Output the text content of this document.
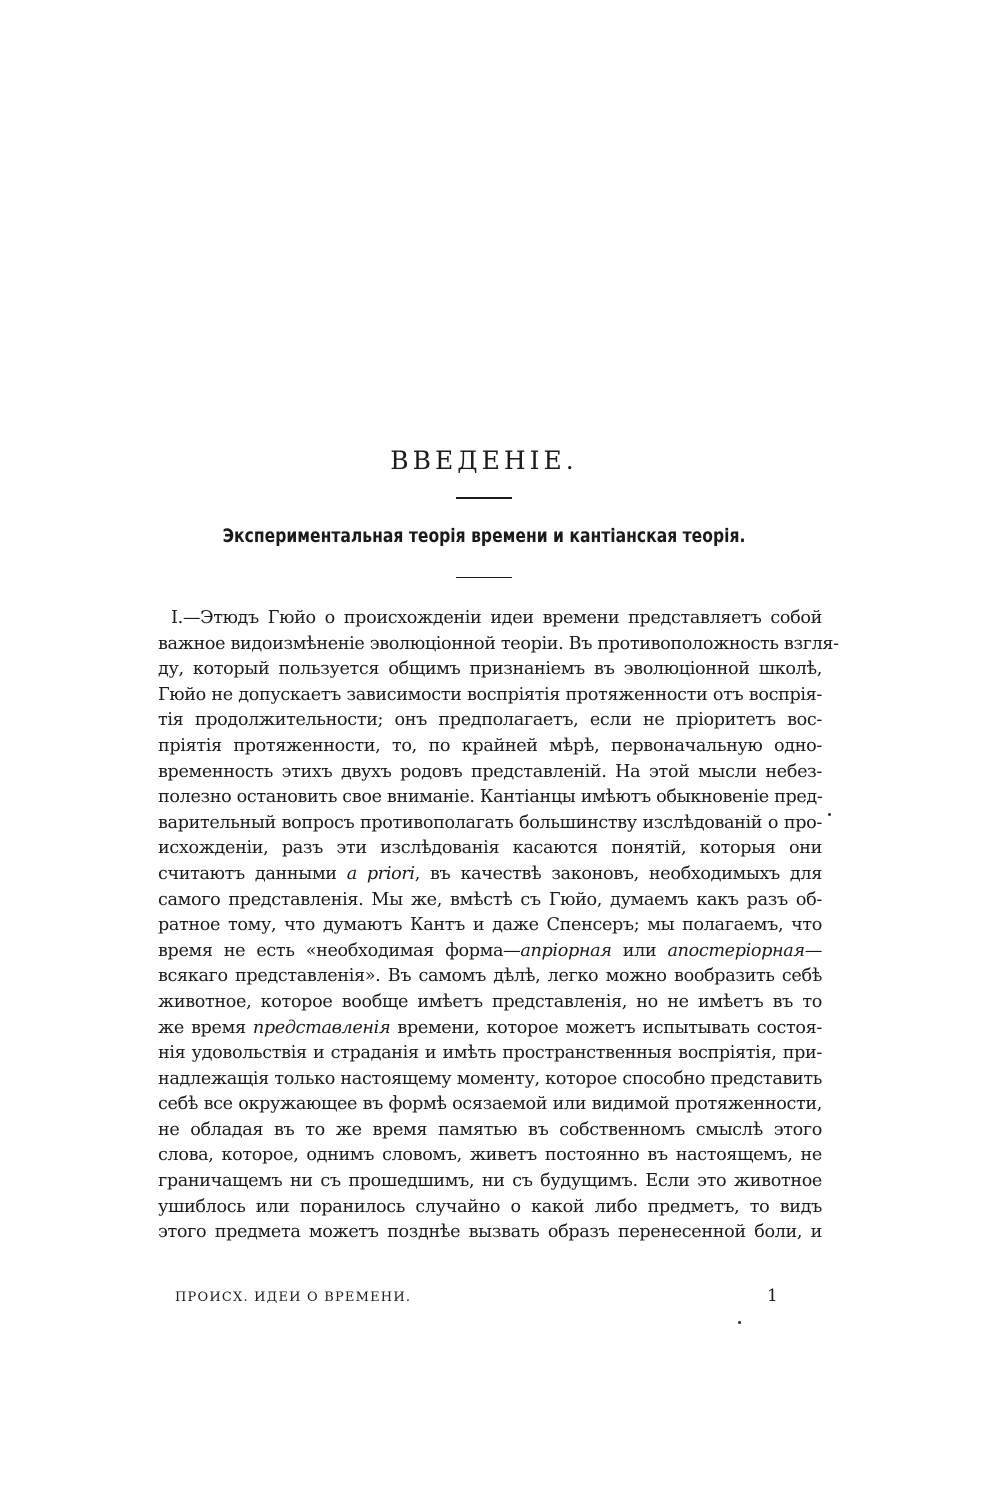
ВВЕДЕНІЕ.
Экспериментальная теорія времени и кантіанская теорія.
I.—Этюдъ Гюйо о происхожденіи идеи времени представляетъ собой
важное видоизмѣненіе эволюціонной теоріи. Въ противоположность взгля-
ду, который пользуется общимъ признаніемъ въ эволюціонной школѣ,
Гюйо не допускаетъ зависимости воспріятія протяженности отъ воспрія-
тія продолжительности; онъ предполагаетъ, если не пріоритетъ вос-
пріятія протяженности, то, по крайней мѣрѣ, первоначальную одно-
временность этихъ двухъ родовъ представленій. На этой мысли небез-
полезно остановить свое вниманіе. Кантіанцы имѣютъ обыкновеніе пред-
варительный вопросъ противополагать большинству изслѣдованій о про-
исхожденіи, разъ эти изслѣдованія касаются понятій, которыя они
считаютъ данными a priori, въ качествѣ законовъ, необходимыхъ для
самого представленія. Мы же, вмѣстѣ съ Гюйо, думаемъ какъ разъ об-
ратное тому, что думаютъ Кантъ и даже Спенсеръ; мы полагаемъ, что
время не есть «необходимая форма—апріорная или апостеріорная—
всякаго представленія». Въ самомъ дѣлѣ, легко можно вообразить себѣ
животное, которое вообще имѣетъ представленія, но не имѣетъ въ то
же время представленія времени, которое можетъ испытывать состоя-
нія удовольствія и страданія и имѣть пространственныя воспріятія, при-
надлежащія только настоящему моменту, которое способно представить
себѣ все окружающее въ формѣ осязаемой или видимой протяженности,
не обладая въ то же время памятью въ собственномъ смыслѣ этого
слова, которое, однимъ словомъ, живетъ постоянно въ настоящемъ, не
граничащемъ ни съ прошедшимъ, ни съ будущимъ. Если это животное
ушиблось или поранилось случайно о какой либо предметъ, то видъ
этого предмета можетъ позднѣе вызвать образъ перенесенной боли, и
ПРОИСХ. ИДЕИ О ВРЕМЕНИ.	1
